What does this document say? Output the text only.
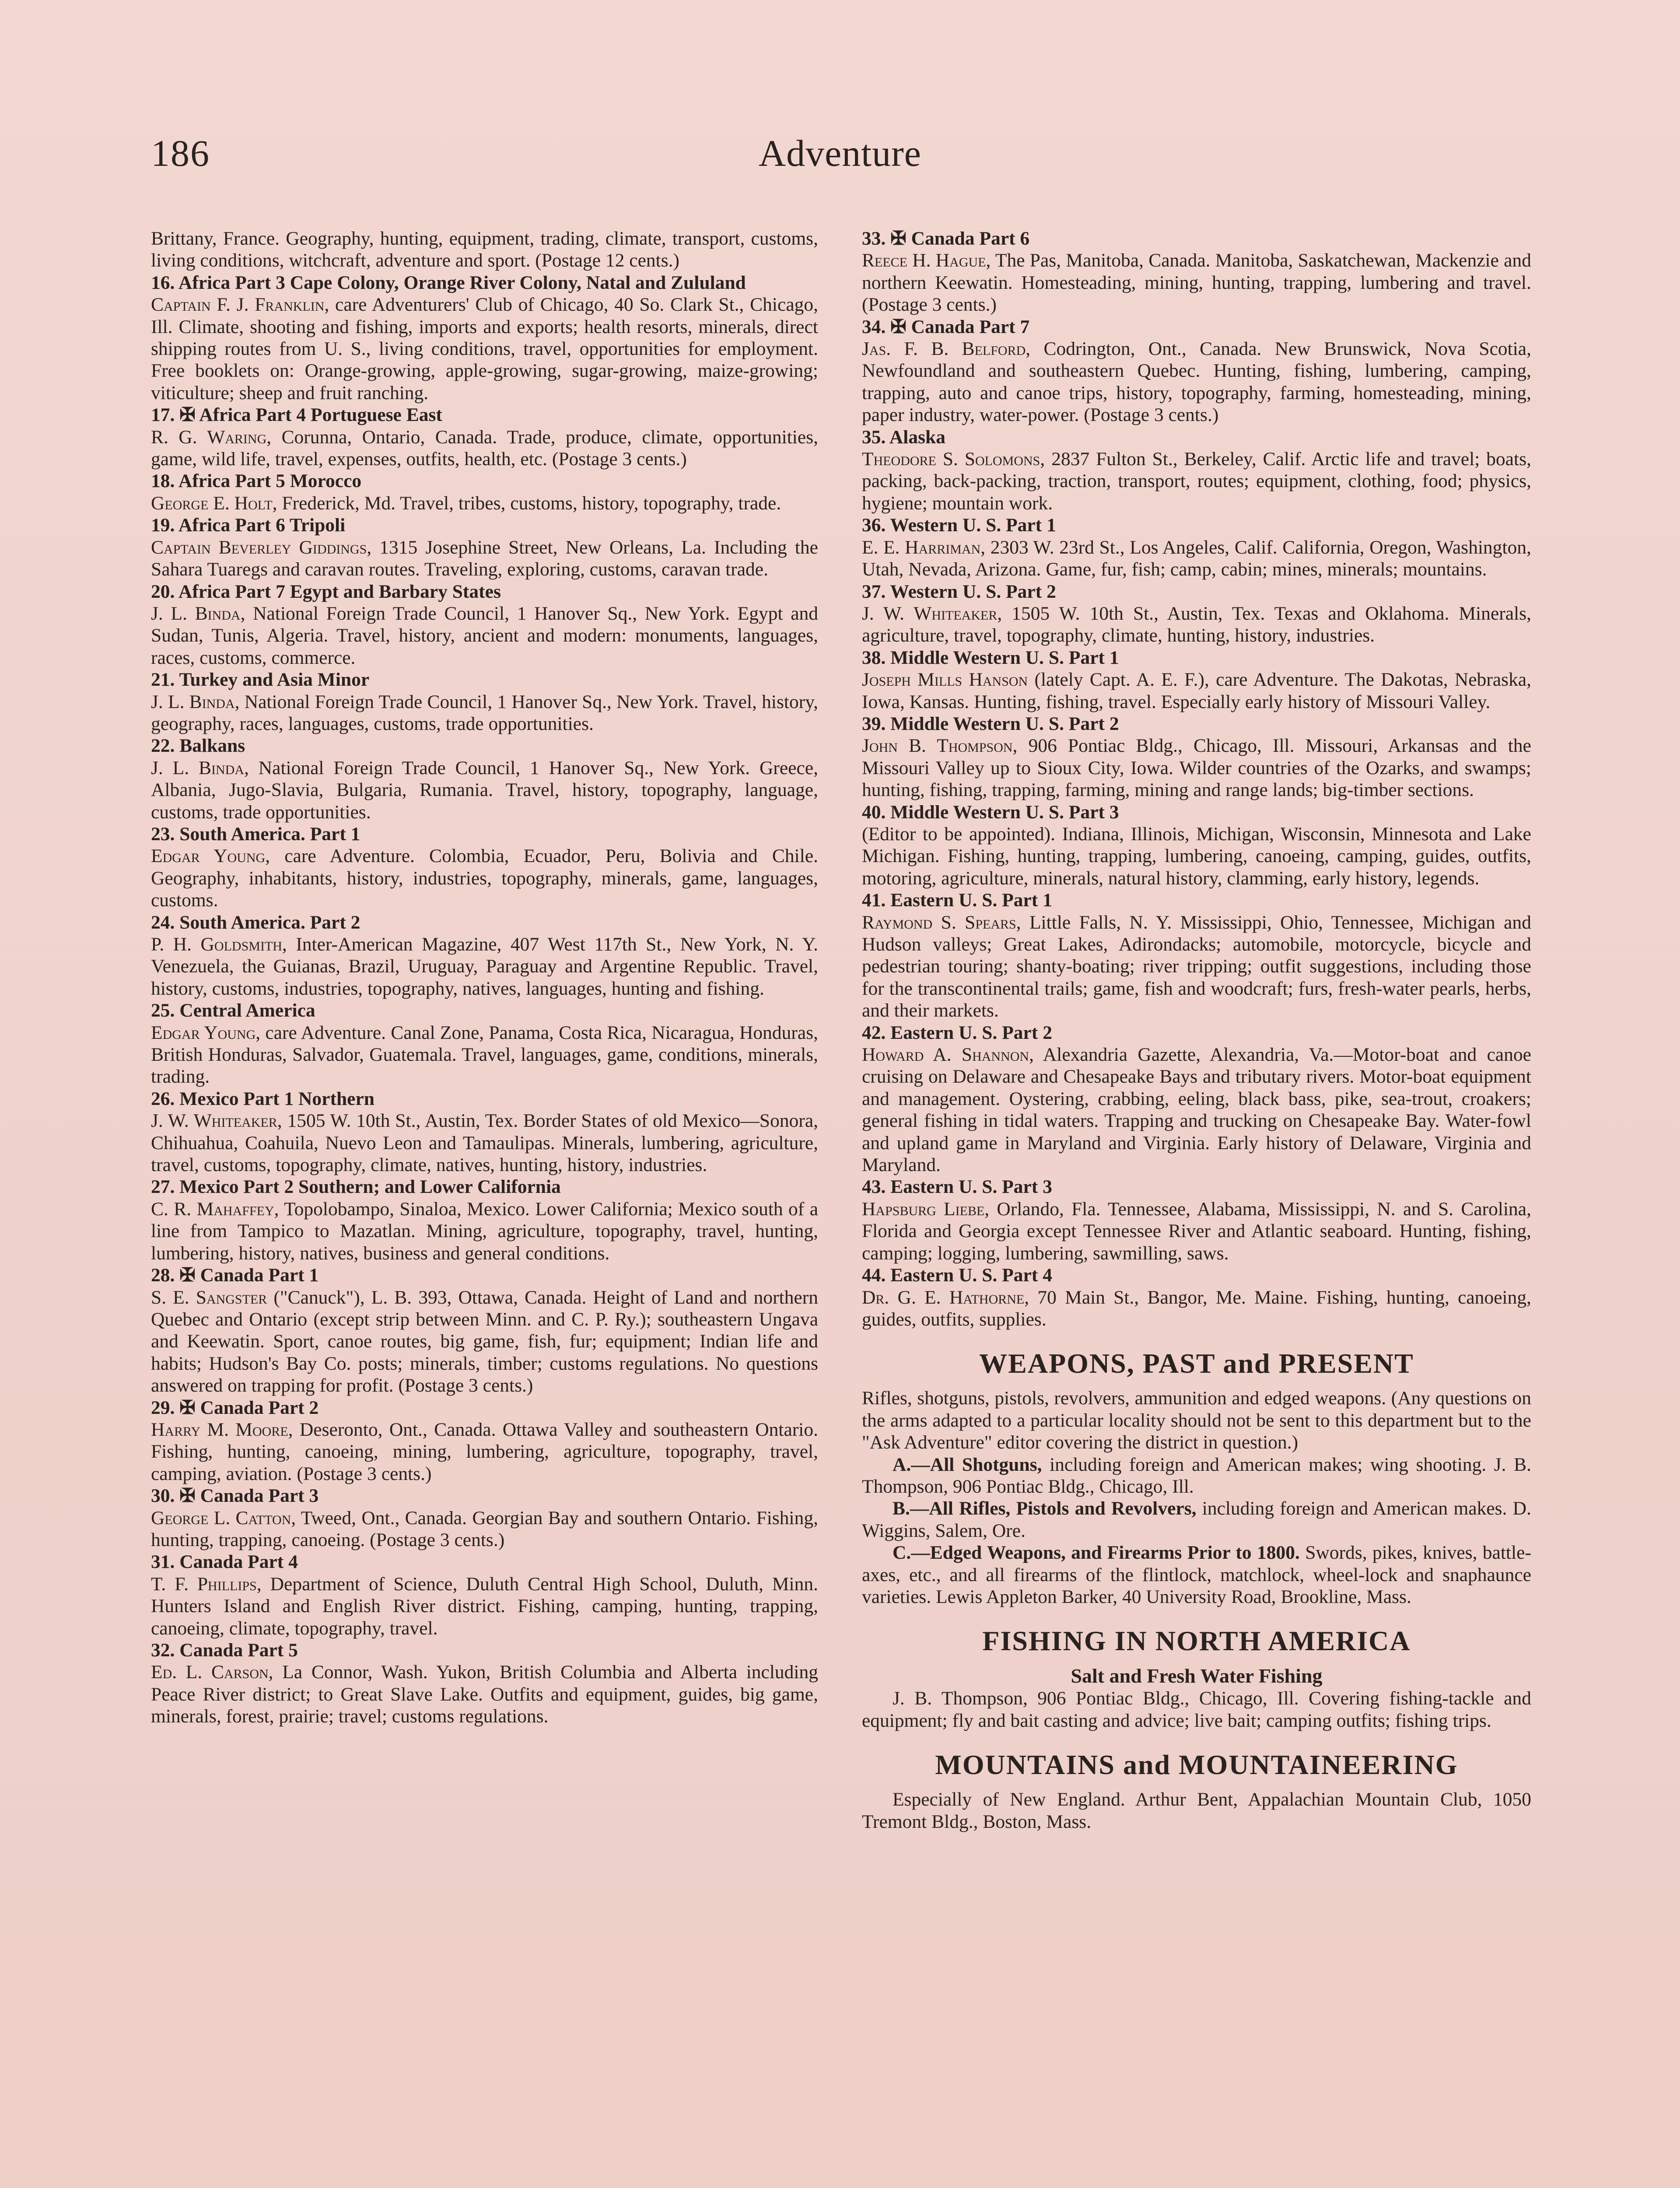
186	Adventure

Brittany, France. Geography, hunting, equipment, trading, climate, transport, customs, living conditions, witchcraft, adventure and sport. (Postage 12 cents.)

16. Africa Part 3 Cape Colony, Orange River Colony, Natal and Zululand

Captain F. J. Franklin, care Adventurers' Club of Chicago, 40 So. Clark St., Chicago, Ill. Climate, shooting and fishing, imports and exports; health resorts, minerals, direct shipping routes from U. S., living conditions, travel, opportunities for employment. Free booklets on: Orange-growing, apple-growing, sugar-growing, maize-growing; viticulture; sheep and fruit ranching.

17. ✠ Africa Part 4 Portuguese East

R. G. Waring, Corunna, Ontario, Canada. Trade, produce, climate, opportunities, game, wild life, travel, expenses, outfits, health, etc. (Postage 3 cents.)

18. Africa Part 5 Morocco

George E. Holt, Frederick, Md. Travel, tribes, customs, history, topography, trade.

19. Africa Part 6 Tripoli

Captain Beverley Giddings, 1315 Josephine Street, New Orleans, La. Including the Sahara Tuaregs and caravan routes. Traveling, exploring, customs, caravan trade.

20. Africa Part 7 Egypt and Barbary States

J. L. Binda, National Foreign Trade Council, 1 Hanover Sq., New York. Egypt and Sudan, Tunis, Algeria. Travel, history, ancient and modern: monuments, languages, races, customs, commerce.

21. Turkey and Asia Minor

J. L. Binda, National Foreign Trade Council, 1 Hanover Sq., New York. Travel, history, geography, races, languages, customs, trade opportunities.

22. Balkans

J. L. Binda, National Foreign Trade Council, 1 Hanover Sq., New York. Greece, Albania, Jugo-Slavia, Bulgaria, Rumania. Travel, history, topography, language, customs, trade opportunities.

23. South America. Part 1

Edgar Young, care Adventure. Colombia, Ecuador, Peru, Bolivia and Chile. Geography, inhabitants, history, industries, topography, minerals, game, languages, customs.

24. South America. Part 2

P. H. Goldsmith, Inter-American Magazine, 407 West 117th St., New York, N. Y. Venezuela, the Guianas, Brazil, Uruguay, Paraguay and Argentine Republic. Travel, history, customs, industries, topography, natives, languages, hunting and fishing.

25. Central America

Edgar Young, care Adventure. Canal Zone, Panama, Costa Rica, Nicaragua, Honduras, British Honduras, Salvador, Guatemala. Travel, languages, game, conditions, minerals, trading.

26. Mexico Part 1 Northern

J. W. Whiteaker, 1505 W. 10th St., Austin, Tex. Border States of old Mexico—Sonora, Chihuahua, Coahuila, Nuevo Leon and Tamaulipas. Minerals, lumbering, agriculture, travel, customs, topography, climate, natives, hunting, history, industries.

27. Mexico Part 2 Southern; and Lower California

C. R. Mahaffey, Topolobampo, Sinaloa, Mexico. Lower California; Mexico south of a line from Tampico to Mazatlan. Mining, agriculture, topography, travel, hunting, lumbering, history, natives, business and general conditions.

28. ✠ Canada Part 1

S. E. Sangster ("Canuck"), L. B. 393, Ottawa, Canada. Height of Land and northern Quebec and Ontario (except strip between Minn. and C. P. Ry.); southeastern Ungava and Keewatin. Sport, canoe routes, big game, fish, fur; equipment; Indian life and habits; Hudson's Bay Co. posts; minerals, timber; customs regulations. No questions answered on trapping for profit. (Postage 3 cents.)

29. ✠ Canada Part 2

Harry M. Moore, Deseronto, Ont., Canada. Ottawa Valley and southeastern Ontario. Fishing, hunting, canoeing, mining, lumbering, agriculture, topography, travel, camping, aviation. (Postage 3 cents.)

30. ✠ Canada Part 3

George L. Catton, Tweed, Ont., Canada. Georgian Bay and southern Ontario. Fishing, hunting, trapping, canoeing. (Postage 3 cents.)

31. Canada Part 4

T. F. Phillips, Department of Science, Duluth Central High School, Duluth, Minn. Hunters Island and English River district. Fishing, camping, hunting, trapping, canoeing, climate, topography, travel.

32. Canada Part 5

Ed. L. Carson, La Connor, Wash. Yukon, British Columbia and Alberta including Peace River district; to Great Slave Lake. Outfits and equipment, guides, big game, minerals, forest, prairie; travel; customs regulations.

33. ✠ Canada Part 6

Reece H. Hague, The Pas, Manitoba, Canada. Manitoba, Saskatchewan, Mackenzie and northern Keewatin. Homesteading, mining, hunting, trapping, lumbering and travel. (Postage 3 cents.)

34. ✠ Canada Part 7

Jas. F. B. Belford, Codrington, Ont., Canada. New Brunswick, Nova Scotia, Newfoundland and southeastern Quebec. Hunting, fishing, lumbering, camping, trapping, auto and canoe trips, history, topography, farming, homesteading, mining, paper industry, water-power. (Postage 3 cents.)

35. Alaska

Theodore S. Solomons, 2837 Fulton St., Berkeley, Calif. Arctic life and travel; boats, packing, back-packing, traction, transport, routes; equipment, clothing, food; physics, hygiene; mountain work.

36. Western U. S. Part 1

E. E. Harriman, 2303 W. 23rd St., Los Angeles, Calif. California, Oregon, Washington, Utah, Nevada, Arizona. Game, fur, fish; camp, cabin; mines, minerals; mountains.

37. Western U. S. Part 2

J. W. Whiteaker, 1505 W. 10th St., Austin, Tex. Texas and Oklahoma. Minerals, agriculture, travel, topography, climate, hunting, history, industries.

38. Middle Western U. S. Part 1

Joseph Mills Hanson (lately Capt. A. E. F.), care Adventure. The Dakotas, Nebraska, Iowa, Kansas. Hunting, fishing, travel. Especially early history of Missouri Valley.

39. Middle Western U. S. Part 2

John B. Thompson, 906 Pontiac Bldg., Chicago, Ill. Missouri, Arkansas and the Missouri Valley up to Sioux City, Iowa. Wilder countries of the Ozarks, and swamps; hunting, fishing, trapping, farming, mining and range lands; big-timber sections.

40. Middle Western U. S. Part 3

(Editor to be appointed). Indiana, Illinois, Michigan, Wisconsin, Minnesota and Lake Michigan. Fishing, hunting, trapping, lumbering, canoeing, camping, guides, outfits, motoring, agriculture, minerals, natural history, clamming, early history, legends.

41. Eastern U. S. Part 1

Raymond S. Spears, Little Falls, N. Y. Mississippi, Ohio, Tennessee, Michigan and Hudson valleys; Great Lakes, Adirondacks; automobile, motorcycle, bicycle and pedestrian touring; shanty-boating; river tripping; outfit suggestions, including those for the transcontinental trails; game, fish and woodcraft; furs, fresh-water pearls, herbs, and their markets.

42. Eastern U. S. Part 2

Howard A. Shannon, Alexandria Gazette, Alexandria, Va.—Motor-boat and canoe cruising on Delaware and Chesapeake Bays and tributary rivers. Motor-boat equipment and management. Oystering, crabbing, eeling, black bass, pike, sea-trout, croakers; general fishing in tidal waters. Trapping and trucking on Chesapeake Bay. Water-fowl and upland game in Maryland and Virginia. Early history of Delaware, Virginia and Maryland.

43. Eastern U. S. Part 3

Hapsburg Liebe, Orlando, Fla. Tennessee, Alabama, Mississippi, N. and S. Carolina, Florida and Georgia except Tennessee River and Atlantic seaboard. Hunting, fishing, camping; logging, lumbering, sawmilling, saws.

44. Eastern U. S. Part 4

Dr. G. E. Hathorne, 70 Main St., Bangor, Me. Maine. Fishing, hunting, canoeing, guides, outfits, supplies.

WEAPONS, PAST and PRESENT

Rifles, shotguns, pistols, revolvers, ammunition and edged weapons. (Any questions on the arms adapted to a particular locality should not be sent to this department but to the "Ask Adventure" editor covering the district in question.)

A.—All Shotguns, including foreign and American makes; wing shooting. J. B. Thompson, 906 Pontiac Bldg., Chicago, Ill.

B.—All Rifles, Pistols and Revolvers, including foreign and American makes. D. Wiggins, Salem, Ore.

C.—Edged Weapons, and Firearms Prior to 1800. Swords, pikes, knives, battle-axes, etc., and all firearms of the flintlock, matchlock, wheel-lock and snaphaunce varieties. Lewis Appleton Barker, 40 University Road, Brookline, Mass.

FISHING IN NORTH AMERICA
Salt and Fresh Water Fishing

J. B. Thompson, 906 Pontiac Bldg., Chicago, Ill. Covering fishing-tackle and equipment; fly and bait casting and advice; live bait; camping outfits; fishing trips.

MOUNTAINS and MOUNTAINEERING

Especially of New England. Arthur Bent, Appalachian Mountain Club, 1050 Tremont Bldg., Boston, Mass.
